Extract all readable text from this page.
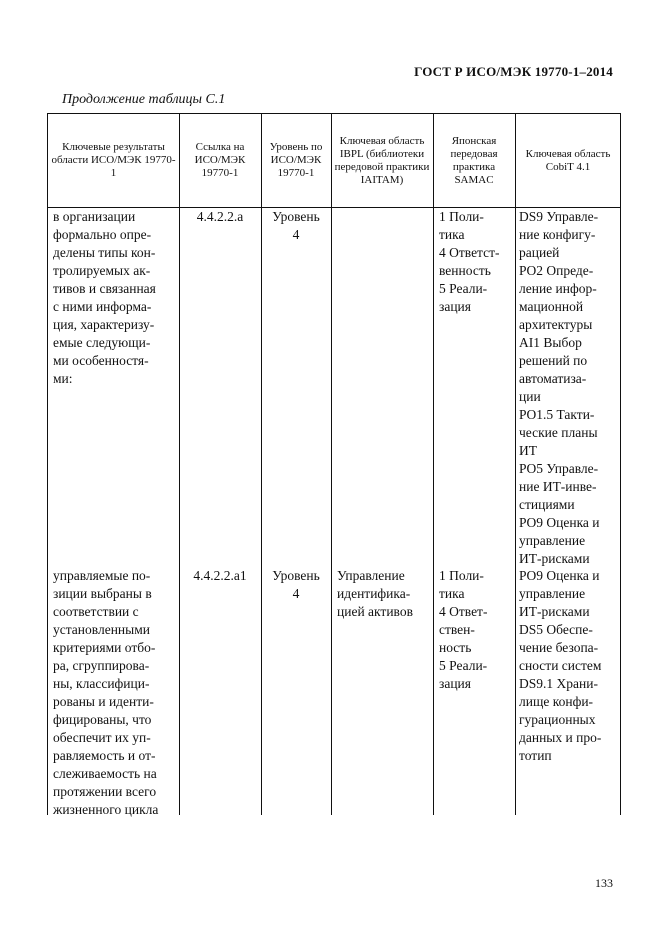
ГОСТ Р ИСО/МЭК 19770-1–2014
Продолжение таблицы С.1
Ключевые результаты области ИСО/МЭК 19770-1
Ссылка на ИСО/МЭК 19770-1
Уровень по ИСО/МЭК 19770-1
Ключевая область IBPL (библиотеки передовой практики IAITAM)
Японская передовая практика SAMAC
Ключевая область CobiT 4.1
в организации
формально опре-
делены типы кон-
тролируемых ак-
тивов и связанная
с ними информа-
ция, характеризу-
емые следующи-
ми особенностя-
ми:
4.4.2.2.а	Уровень
4
1 Поли-
тика
4 Ответст-
венность
5 Реали-
зация
DS9 Управле-
ние конфигу-
рацией
PO2 Опреде-
ление инфор-
мационной
архитектуры
AI1 Выбор
решений по
автоматиза-
ции
PO1.5 Такти-
ческие планы
ИТ
PO5 Управле-
ние ИТ-инве-
стициями
PO9 Оценка и
управление
ИТ-рисками
управляемые по-
зиции выбраны в
соответствии с
установленными
критериями отбо-
ра, сгруппирова-
ны, классифици-
рованы и иденти-
фицированы, что
обеспечит их уп-
равляемость и от-
слеживаемость на
протяжении всего
жизненного цикла
4.4.2.2.а1	Уровень
4
Управление
идентифика-
цией активов
1 Поли-
тика
4 Ответ-
ствен-
ность
5 Реали-
зация
PO9 Оценка и
управление
ИТ-рисками
DS5 Обеспе-
чение безопа-
сности систем
DS9.1 Храни-
лище конфи-
гурационных
данных и про-
тотип
133
